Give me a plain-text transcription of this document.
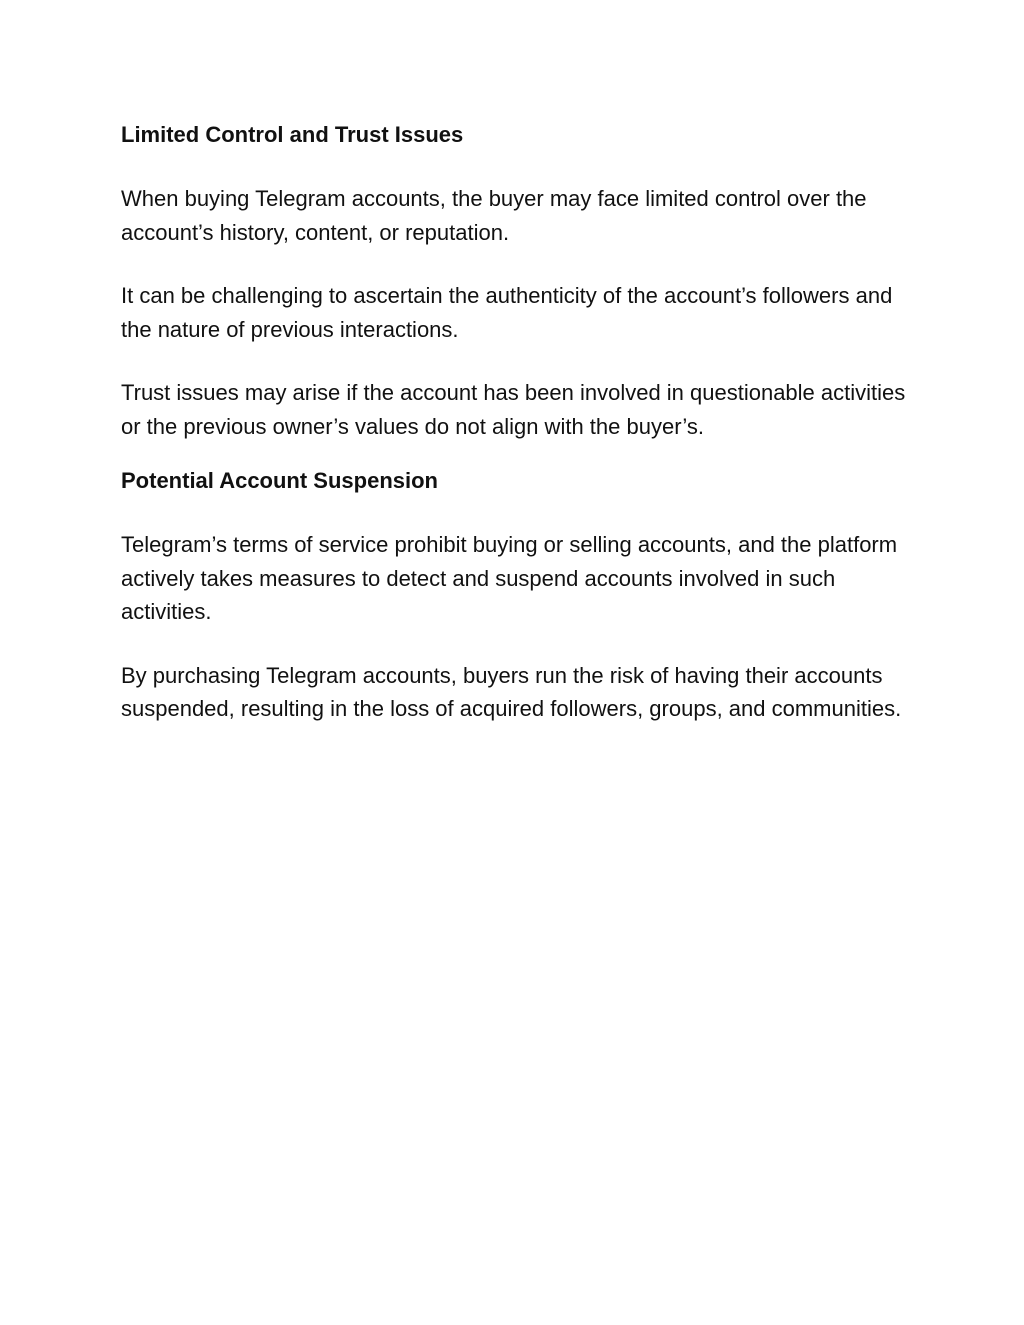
Limited Control and Trust Issues

When buying Telegram accounts, the buyer may face limited control over the account’s history, content, or reputation.

It can be challenging to ascertain the authenticity of the account’s followers and the nature of previous interactions.

Trust issues may arise if the account has been involved in questionable activities or the previous owner’s values do not align with the buyer’s.

Potential Account Suspension

Telegram’s terms of service prohibit buying or selling accounts, and the platform actively takes measures to detect and suspend accounts involved in such activities.

By purchasing Telegram accounts, buyers run the risk of having their accounts suspended, resulting in the loss of acquired followers, groups, and communities.
